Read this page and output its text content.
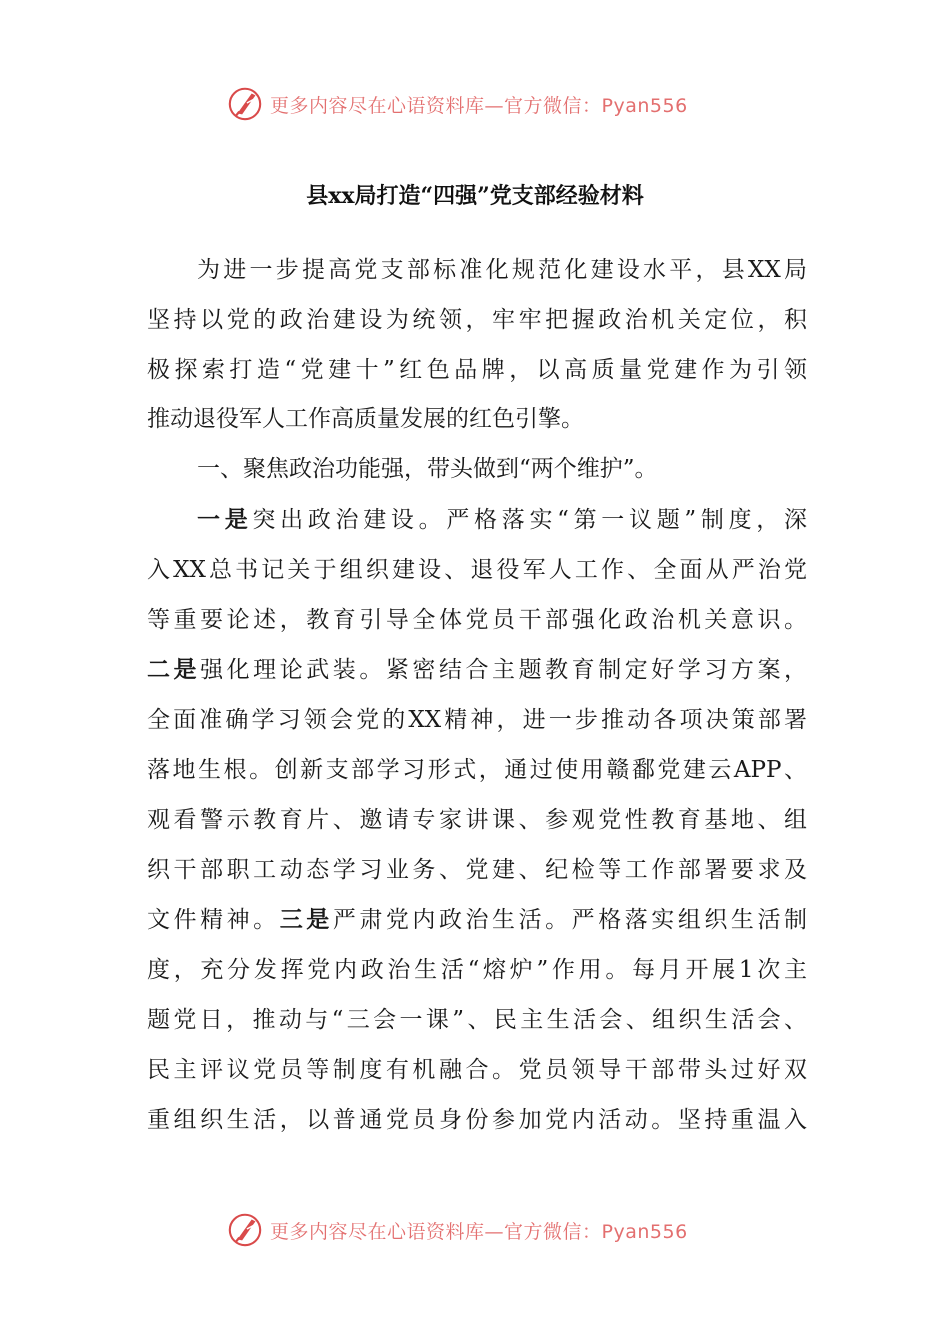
更多内容尽在心语资料库—官方微信：Pyan556
县xx局打造“四强”党支部经验材料

为进一步提高党支部标准化规范化建设水平，县XX局

坚持以党的政治建设为统领，牢牢把握政治机关定位，积

极探索打造“党建十”红色品牌，以高质量党建作为引领

推动退役军人工作高质量发展的红色引擎。

一、聚焦政治功能强，带头做到“两个维护”。

一是突出政治建设。严格落实“第一议题”制度，深

入XX总书记关于组织建设、退役军人工作、全面从严治党

等重要论述，教育引导全体党员干部强化政治机关意识。

二是强化理论武装。紧密结合主题教育制定好学习方案，

全面准确学习领会党的XX精神，进一步推动各项决策部署

落地生根。创新支部学习形式，通过使用赣鄱党建云APP、

观看警示教育片、邀请专家讲课、参观党性教育基地、组

织干部职工动态学习业务、党建、纪检等工作部署要求及

文件精神。三是严肃党内政治生活。严格落实组织生活制

度，充分发挥党内政治生活“熔炉”作用。每月开展1次主

题党日，推动与“三会一课”、民主生活会、组织生活会、

民主评议党员等制度有机融合。党员领导干部带头过好双

重组织生活，以普通党员身份参加党内活动。坚持重温入

更多内容尽在心语资料库—官方微信：Pyan556
